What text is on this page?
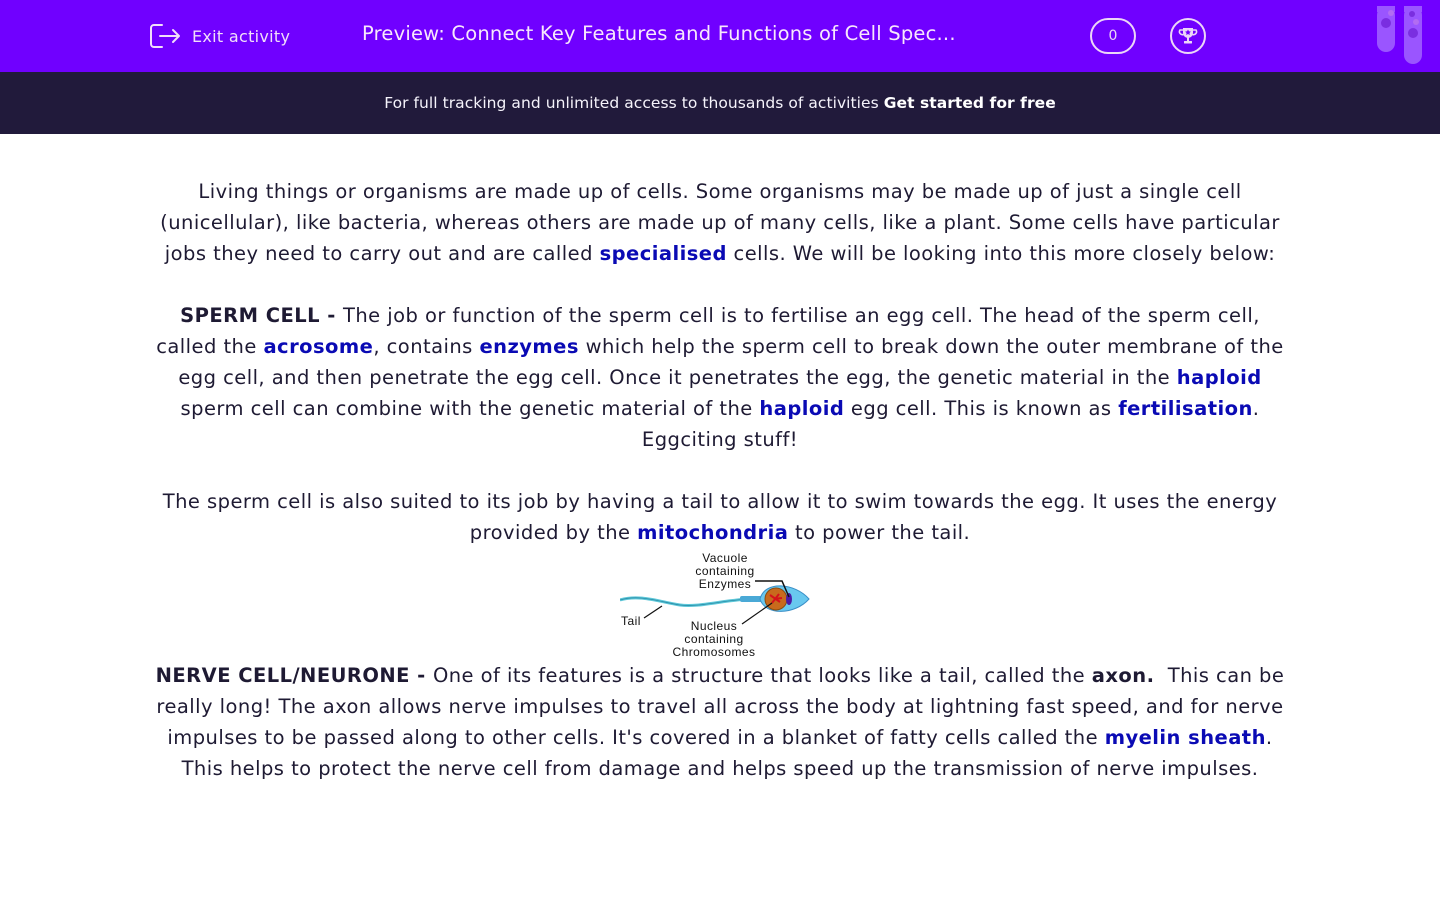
Exit activity	Preview: Connect Key Features and Functions of Cell Spec...	0
For full tracking and unlimited access to thousands of activities Get started for free

Living things or organisms are made up of cells. Some organisms may be made up of just a single cell (unicellular), like bacteria, whereas others are made up of many cells, like a plant. Some cells have particular jobs they need to carry out and are called specialised cells. We will be looking into this more closely below:

SPERM CELL - The job or function of the sperm cell is to fertilise an egg cell. The head of the sperm cell, called the acrosome, contains enzymes which help the sperm cell to break down the outer membrane of the egg cell, and then penetrate the egg cell. Once it penetrates the egg, the genetic material in the haploid sperm cell can combine with the genetic material of the haploid egg cell. This is known as fertilisation. Eggciting stuff!

The sperm cell is also suited to its job by having a tail to allow it to swim towards the egg. It uses the energy provided by the mitochondria to power the tail.

Vacuole
containing
Enzymes
Tail	Nucleus
containing
Chromosomes

NERVE CELL/NEURONE - One of its features is a structure that looks like a tail, called the axon.  This can be really long! The axon allows nerve impulses to travel all across the body at lightning fast speed, and for nerve impulses to be passed along to other cells. It's covered in a blanket of fatty cells called the myelin sheath. This helps to protect the nerve cell from damage and helps speed up the transmission of nerve impulses.
